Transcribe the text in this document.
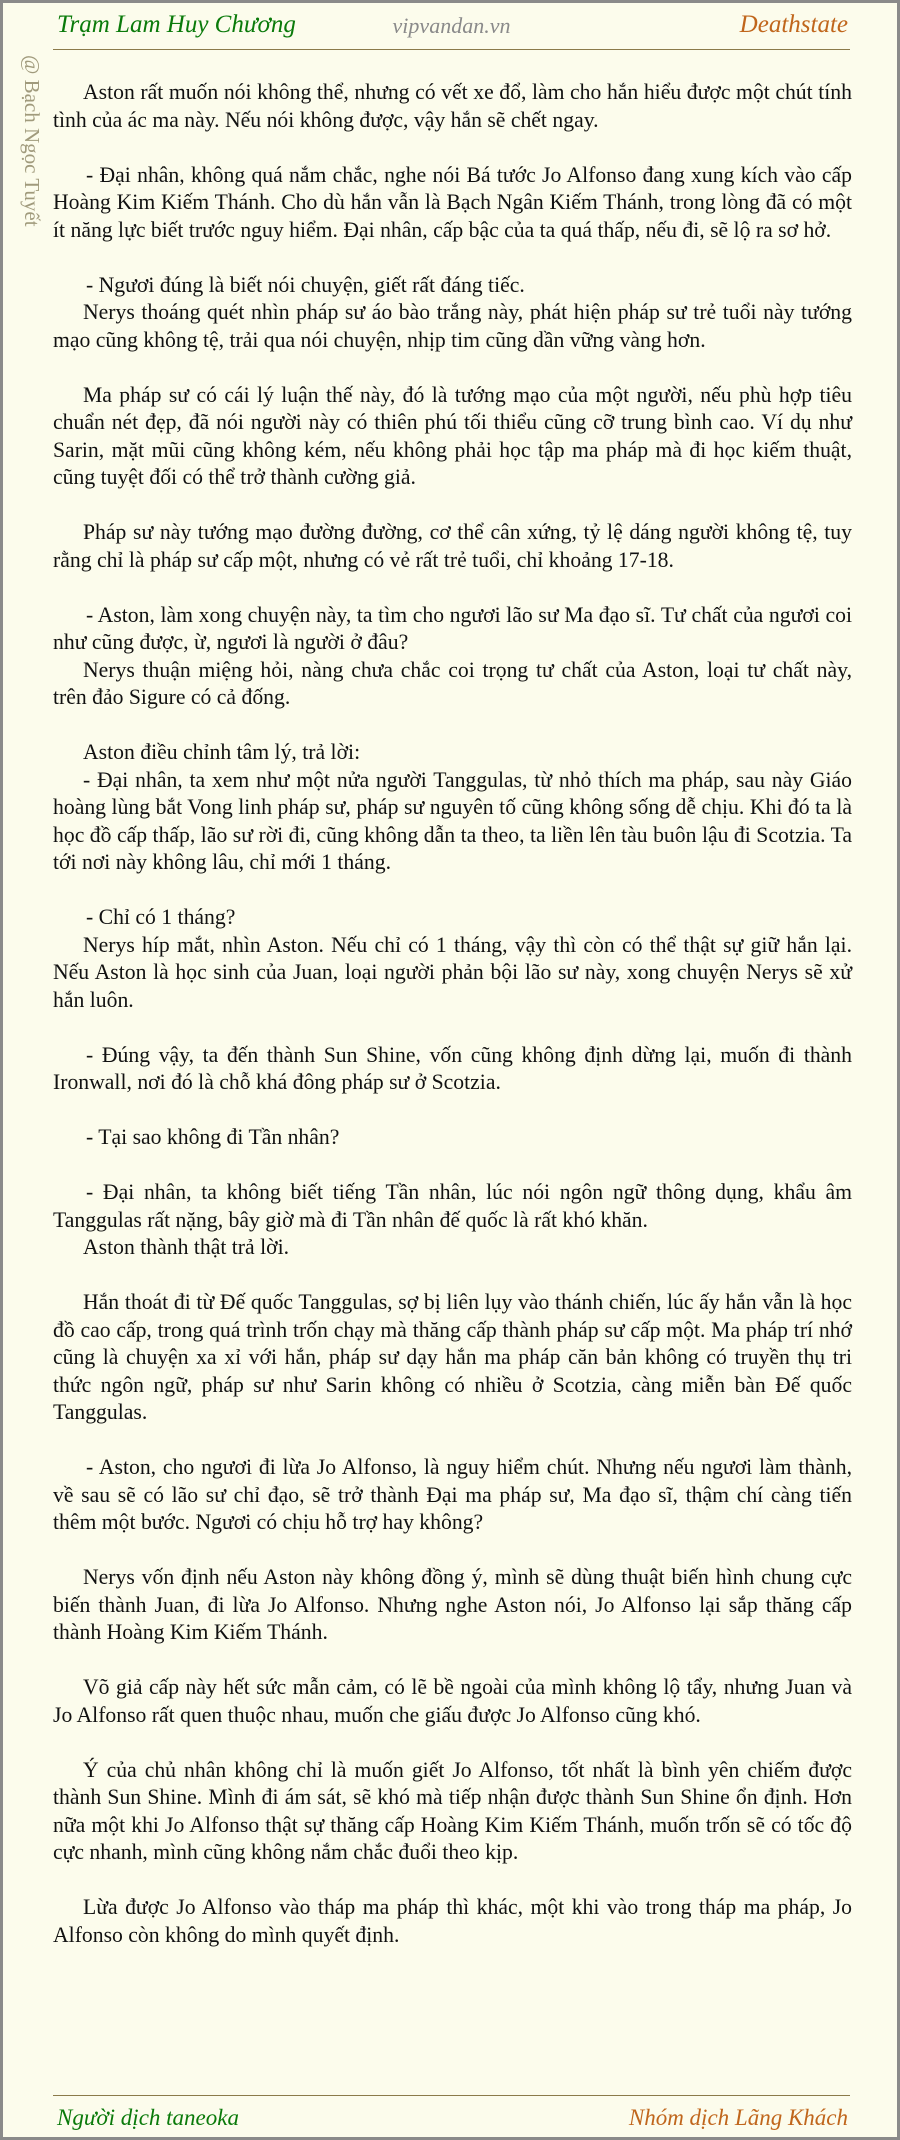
Trạm Lam Huy Chương	vipvandan.vn	Deathstate
@ Bạch Ngọc Tuyết	Aston rất muốn nói không thể, nhưng có vết xe đổ, làm cho hắn hiểu được một chút tính tình của ác ma này. Nếu nói không được, vậy hắn sẽ chết ngay.

- Đại nhân, không quá nắm chắc, nghe nói Bá tước Jo Alfonso đang xung kích vào cấp Hoàng Kim Kiếm Thánh. Cho dù hắn vẫn là Bạch Ngân Kiếm Thánh, trong lòng đã có một ít năng lực biết trước nguy hiểm. Đại nhân, cấp bậc của ta quá thấp, nếu đi, sẽ lộ ra sơ hở.

- Ngươi đúng là biết nói chuyện, giết rất đáng tiếc.

Nerys thoáng quét nhìn pháp sư áo bào trắng này, phát hiện pháp sư trẻ tuổi này tướng mạo cũng không tệ, trải qua nói chuyện, nhịp tim cũng dần vững vàng hơn.

Ma pháp sư có cái lý luận thế này, đó là tướng mạo của một người, nếu phù hợp tiêu chuẩn nét đẹp, đã nói người này có thiên phú tối thiểu cũng cỡ trung bình cao. Ví dụ như Sarin, mặt mũi cũng không kém, nếu không phải học tập ma pháp mà đi học kiếm thuật, cũng tuyệt đối có thể trở thành cường giả.

Pháp sư này tướng mạo đường đường, cơ thể cân xứng, tỷ lệ dáng người không tệ, tuy rằng chỉ là pháp sư cấp một, nhưng có vẻ rất trẻ tuổi, chỉ khoảng 17-18.

- Aston, làm xong chuyện này, ta tìm cho ngươi lão sư Ma đạo sĩ. Tư chất của ngươi coi như cũng được, ừ, ngươi là người ở đâu?

Nerys thuận miệng hỏi, nàng chưa chắc coi trọng tư chất của Aston, loại tư chất này, trên đảo Sigure có cả đống.

Aston điều chỉnh tâm lý, trả lời:

- Đại nhân, ta xem như một nửa người Tanggulas, từ nhỏ thích ma pháp, sau này Giáo hoàng lùng bắt Vong linh pháp sư, pháp sư nguyên tố cũng không sống dễ chịu. Khi đó ta là học đồ cấp thấp, lão sư rời đi, cũng không dẫn ta theo, ta liền lên tàu buôn lậu đi Scotzia. Ta tới nơi này không lâu, chỉ mới 1 tháng.

- Chỉ có 1 tháng?

Nerys híp mắt, nhìn Aston. Nếu chỉ có 1 tháng, vậy thì còn có thể thật sự giữ hắn lại. Nếu Aston là học sinh của Juan, loại người phản bội lão sư này, xong chuyện Nerys sẽ xử hắn luôn.

- Đúng vậy, ta đến thành Sun Shine, vốn cũng không định dừng lại, muốn đi thành Ironwall, nơi đó là chỗ khá đông pháp sư ở Scotzia.

- Tại sao không đi Tần nhân?

- Đại nhân, ta không biết tiếng Tần nhân, lúc nói ngôn ngữ thông dụng, khẩu âm Tanggulas rất nặng, bây giờ mà đi Tần nhân đế quốc là rất khó khăn.

Aston thành thật trả lời.

Hắn thoát đi từ Đế quốc Tanggulas, sợ bị liên lụy vào thánh chiến, lúc ấy hắn vẫn là học đồ cao cấp, trong quá trình trốn chạy mà thăng cấp thành pháp sư cấp một. Ma pháp trí nhớ cũng là chuyện xa xỉ với hắn, pháp sư dạy hắn ma pháp căn bản không có truyền thụ tri thức ngôn ngữ, pháp sư như Sarin không có nhiều ở Scotzia, càng miễn bàn Đế quốc Tanggulas.

- Aston, cho ngươi đi lừa Jo Alfonso, là nguy hiểm chút. Nhưng nếu ngươi làm thành, về sau sẽ có lão sư chỉ đạo, sẽ trở thành Đại ma pháp sư, Ma đạo sĩ, thậm chí càng tiến thêm một bước. Ngươi có chịu hỗ trợ hay không?

Nerys vốn định nếu Aston này không đồng ý, mình sẽ dùng thuật biến hình chung cực biến thành Juan, đi lừa Jo Alfonso. Nhưng nghe Aston nói, Jo Alfonso lại sắp thăng cấp thành Hoàng Kim Kiếm Thánh.

Võ giả cấp này hết sức mẫn cảm, có lẽ bề ngoài của mình không lộ tẩy, nhưng Juan và Jo Alfonso rất quen thuộc nhau, muốn che giấu được Jo Alfonso cũng khó.

Ý của chủ nhân không chỉ là muốn giết Jo Alfonso, tốt nhất là bình yên chiếm được thành Sun Shine. Mình đi ám sát, sẽ khó mà tiếp nhận được thành Sun Shine ổn định. Hơn nữa một khi Jo Alfonso thật sự thăng cấp Hoàng Kim Kiếm Thánh, muốn trốn sẽ có tốc độ cực nhanh, mình cũng không nắm chắc đuổi theo kịp.

Lừa được Jo Alfonso vào tháp ma pháp thì khác, một khi vào trong tháp ma pháp, Jo Alfonso còn không do mình quyết định.

Người dịch taneoka	Nhóm dịch Lãng Khách
